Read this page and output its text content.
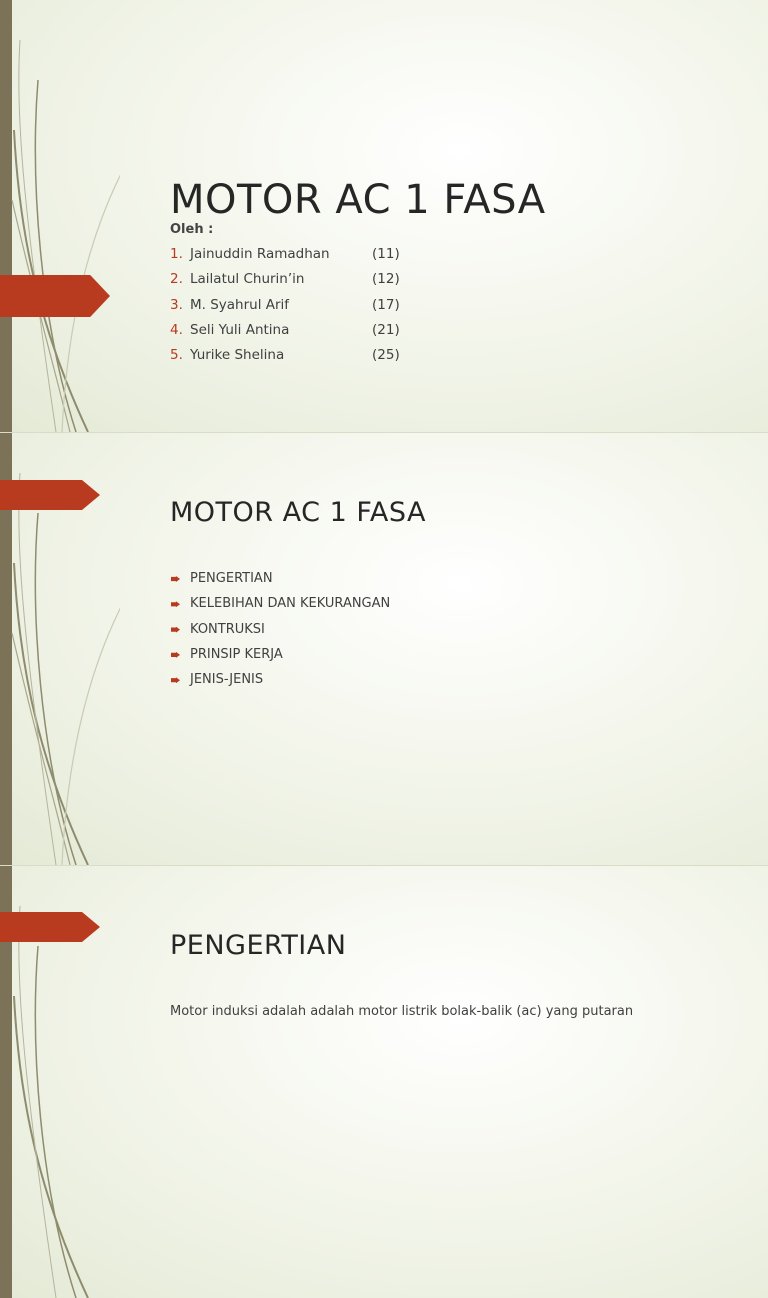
MOTOR AC 1 FASA
Oleh :
1. Jainuddin Ramadhan	(11)
2. Lailatul Churin’in	(12)
3. M. Syahrul Arif	(17)
4. Seli Yuli Antina	(21)
5. Yurike Shelina	(25)
MOTOR AC 1 FASA
PENGERTIAN
KELEBIHAN DAN KEKURANGAN
KONTRUKSI
PRINSIP KERJA
JENIS-JENIS
PENGERTIAN
Motor induksi adalah adalah motor listrik bolak-balik (ac) yang putaran
